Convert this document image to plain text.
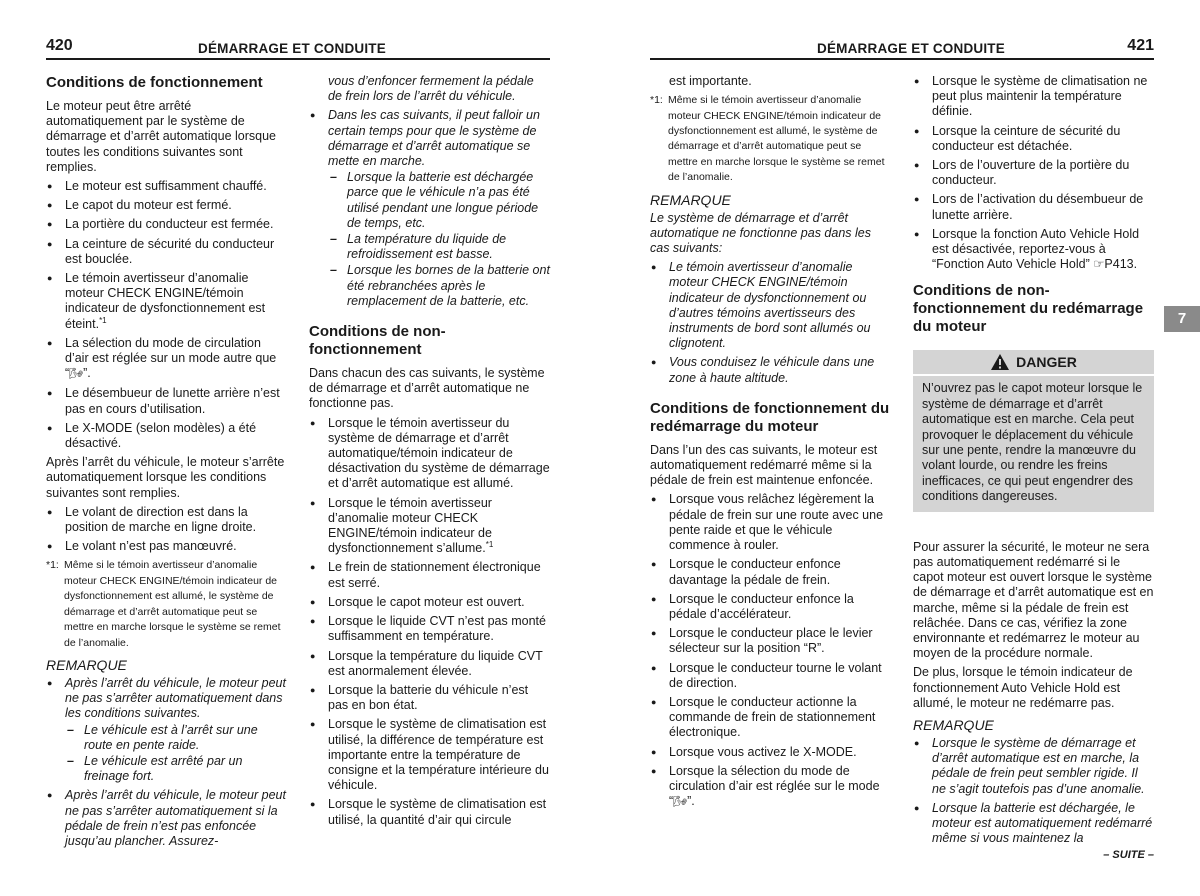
420	DÉMARRAGE ET CONDUITE	DÉMARRAGE ET CONDUITE	421
Conditions de fonctionnement

Le moteur peut être arrêté automatiquement par le système de démarrage et d’arrêt automatique lorsque toutes les conditions suivantes sont remplies.

● Le moteur est suffisamment chauffé.
● Le capot du moteur est fermé.
● La portière du conducteur est fermée.
● La ceinture de sécurité du conducteur est bouclée.
● Le témoin avertisseur d’anomalie moteur CHECK ENGINE/témoin indicateur de dysfonctionnement est éteint.$^{*1}$
● La sélection du mode de circulation d’air est réglée sur un mode autre que “🌬”.
● Le désembueur de lunette arrière n’est pas en cours d’utilisation.
● Le X-MODE (selon modèles) a été désactivé.

Après l’arrêt du véhicule, le moteur s’arrête automatiquement lorsque les conditions suivantes sont remplies.

● Le volant de direction est dans la position de marche en ligne droite.
● Le volant n’est pas manœuvré.
*1: Même si le témoin avertisseur d’anomalie moteur CHECK ENGINE/témoin indicateur de dysfonctionnement est allumé, le système de démarrage et d’arrêt automatique peut se mettre en marche lorsque le système se remet de l’anomalie.
REMARQUE
● Après l’arrêt du véhicule, le moteur peut ne pas s’arrêter automatiquement dans les conditions suivantes.
– Le véhicule est à l’arrêt sur une route en pente raide.
– Le véhicule est arrêté par un freinage fort.
● Après l’arrêt du véhicule, le moteur peut ne pas s’arrêter automatiquement si la pédale de frein n’est pas enfoncée jusqu’au plancher. Assurez-

vous d’enfoncer fermement la pédale de frein lors de l’arrêt du véhicule.

● Dans les cas suivants, il peut falloir un certain temps pour que le système de démarrage et d’arrêt automatique se mette en marche.
– Lorsque la batterie est déchargée parce que le véhicule n’a pas été utilisé pendant une longue période de temps, etc.
– La température du liquide de refroidissement est basse.
– Lorsque les bornes de la batterie ont été rebranchées après le remplacement de la batterie, etc.
Conditions de non-fonctionnement

Dans chacun des cas suivants, le système de démarrage et d’arrêt automatique ne fonctionne pas.

● Lorsque le témoin avertisseur du système de démarrage et d’arrêt automatique/témoin indicateur de désactivation du système de démarrage et d’arrêt automatique est allumé.
● Lorsque le témoin avertisseur d’anomalie moteur CHECK ENGINE/témoin indicateur de dysfonctionnement s’allume.$^{*1}$
● Le frein de stationnement électronique est serré.
● Lorsque le capot moteur est ouvert.
● Lorsque le liquide CVT n’est pas monté suffisamment en température.
● Lorsque la température du liquide CVT est anormalement élevée.
● Lorsque la batterie du véhicule n’est pas en bon état.
● Lorsque le système de climatisation est utilisé, la différence de température est importante entre la température de consigne et la température intérieure du véhicule.
● Lorsque le système de climatisation est utilisé, la quantité d’air qui circule

est importante.

*1: Même si le témoin avertisseur d’anomalie moteur CHECK ENGINE/témoin indicateur de dysfonctionnement est allumé, le système de démarrage et d’arrêt automatique peut se mettre en marche lorsque le système se remet de l’anomalie.
REMARQUE

Le système de démarrage et d’arrêt automatique ne fonctionne pas dans les cas suivants:

● Le témoin avertisseur d’anomalie moteur CHECK ENGINE/témoin indicateur de dysfonctionnement ou d’autres témoins avertisseurs des instruments de bord sont allumés ou clignotent.
● Vous conduisez le véhicule dans une zone à haute altitude.
Conditions de fonctionnement du redémarrage du moteur

Dans l’un des cas suivants, le moteur est automatiquement redémarré même si la pédale de frein est maintenue enfoncée.

● Lorsque vous relâchez légèrement la pédale de frein sur une route avec une pente raide et que le véhicule commence à rouler.
● Lorsque le conducteur enfonce davantage la pédale de frein.
● Lorsque le conducteur enfonce la pédale d’accélérateur.
● Lorsque le conducteur place le levier sélecteur sur la position “R”.
● Lorsque le conducteur tourne le volant de direction.
● Lorsque le conducteur actionne la commande de frein de stationnement électronique.
● Lorsque vous activez le X-MODE.
● Lorsque la sélection du mode de circulation d’air est réglée sur le mode “🌬”.
● Lorsque le système de climatisation ne peut plus maintenir la température définie.
● Lorsque la ceinture de sécurité du conducteur est détachée.
● Lors de l’ouverture de la portière du conducteur.
● Lors de l’activation du désembueur de lunette arrière.
● Lorsque la fonction Auto Vehicle Hold est désactivée, reportez-vous à “Fonction Auto Vehicle Hold” ☞P413.
Conditions de non-fonctionnement du redémarrage du moteur
DANGER
N’ouvrez pas le capot moteur lorsque le système de démarrage et d’arrêt automatique est en marche. Cela peut provoquer le déplacement du véhicule sur une pente, rendre la manœuvre du volant lourde, ou rendre les freins inefficaces, ce qui peut engendrer des conditions dangereuses.

Pour assurer la sécurité, le moteur ne sera pas automatiquement redémarré si le capot moteur est ouvert lorsque le système de démarrage et d’arrêt automatique est en marche, même si la pédale de frein est relâchée. Dans ce cas, vérifiez la zone environnante et redémarrez le moteur au moyen de la procédure normale.

De plus, lorsque le témoin indicateur de fonctionnement Auto Vehicle Hold est allumé, le moteur ne redémarre pas.

REMARQUE
● Lorsque le système de démarrage et d’arrêt automatique est en marche, la pédale de frein peut sembler rigide. Il ne s’agit toutefois pas d’une anomalie.
● Lorsque la batterie est déchargée, le moteur est automatiquement redémarré même si vous maintenez la
7
– SUITE –
